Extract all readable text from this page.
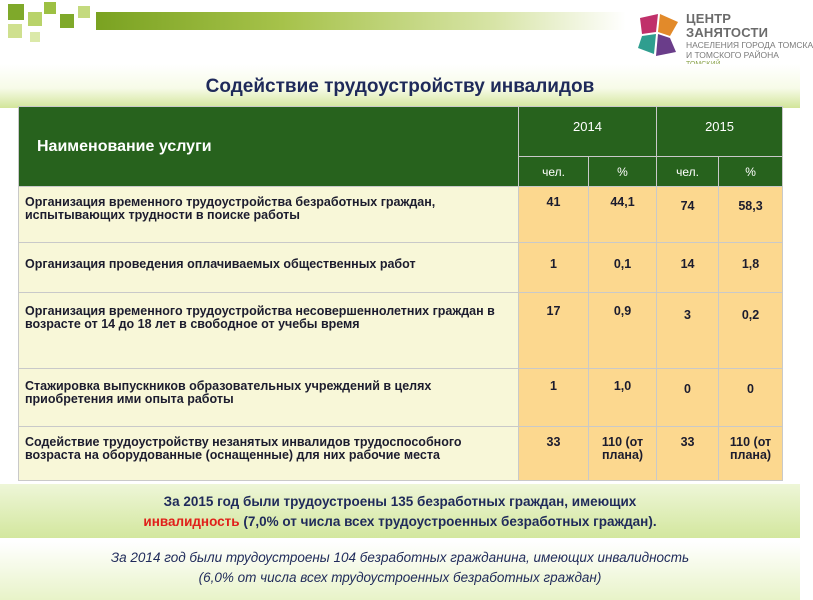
ЦЕНТР ЗАНЯТОСТИ
НАСЕЛЕНИЯ ГОРОДА ТОМСКА
И ТОМСКОГО РАЙОНА
Содействие трудоустройству инвалидов
Наименование услуги	2014		2015	
	чел.	%	чел.	%
Организация временного трудоустройства безработных граждан, испытывающих трудности в поиске работы	41	44,1	74	58,3
Организация проведения оплачиваемых общественных работ	1	0,1	14	1,8
Организация временного трудоустройства несовершеннолетних граждан в возрасте от 14 до 18 лет в свободное от учебы время	17	0,9	3	0,2
Стажировка выпускников образовательных учреждений в целях приобретения ими опыта работы	1	1,0	0	0
Содействие трудоустройству незанятых инвалидов трудоспособного возраста на оборудованные (оснащенные) для них рабочие места	33	110 (от плана)	33	110 (от плана)

За 2015 год были трудоустроены 135 безработных граждан, имеющих

инвалидность (7,0% от числа всех трудоустроенных безработных граждан).

За 2014 год были трудоустроены 104 безработных гражданина, имеющих инвалидность

(6,0% от числа всех трудоустроенных безработных граждан)
